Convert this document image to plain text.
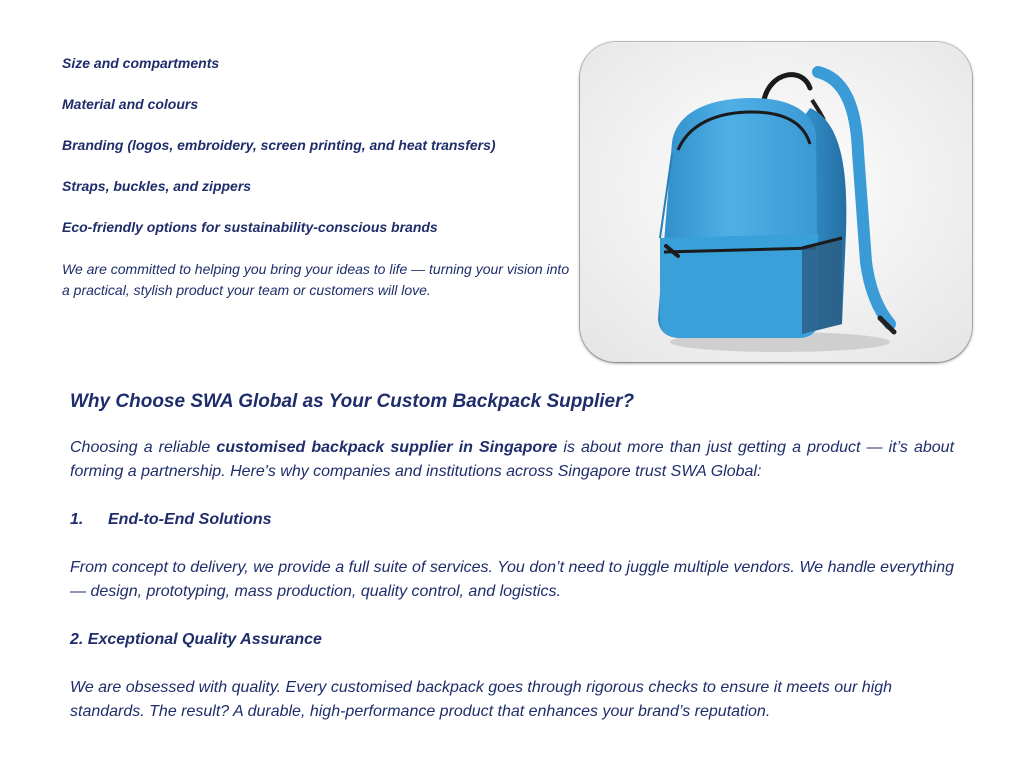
Size and compartments
Material and colours
Branding (logos, embroidery, screen printing, and heat transfers)
Straps, buckles, and zippers
Eco-friendly options for sustainability-conscious brands

We are committed to helping you bring your ideas to life — turning your vision into a practical, stylish product your team or customers will love.

Why Choose SWA Global as Your Custom Backpack Supplier?

Choosing a reliable customised backpack supplier in Singapore is about more than just getting a product — it’s about forming a partnership. Here's why companies and institutions across Singapore trust SWA Global:

1. End-to-End Solutions

From concept to delivery, we provide a full suite of services. You don’t need to juggle multiple vendors. We handle everything — design, prototyping, mass production, quality control, and logistics.

2. Exceptional Quality Assurance

We are obsessed with quality. Every customised backpack goes through rigorous checks to ensure it meets our high standards. The result? A durable, high-performance product that enhances your brand’s reputation.
